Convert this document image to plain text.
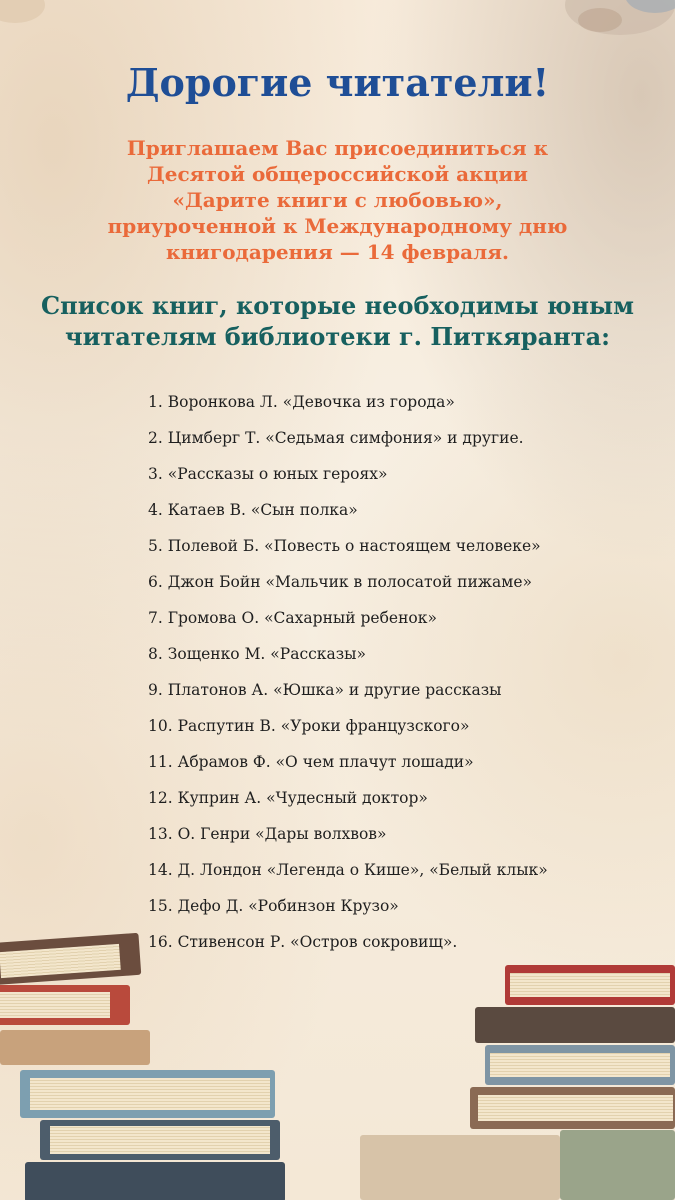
Дорогие читатели!
Приглашаем Вас присоединиться к
Десятой общероссийской акции
«Дарите книги с любовью»,
приуроченной к Международному дню
книгодарения — 14 февраля.
Список книг, которые необходимы юным
читателям библиотеки г. Питкяранта:
1. Воронкова Л. «Девочка из города»
2. Цимберг Т. «Седьмая симфония» и другие.
3. «Рассказы о юных героях»
4. Катаев В. «Сын полка»
5. Полевой Б. «Повесть о настоящем человеке»
6. Джон Бойн «Мальчик в полосатой пижаме»
7. Громова О. «Сахарный ребенок»
8. Зощенко М. «Рассказы»
9. Платонов А. «Юшка» и другие рассказы
10. Распутин В. «Уроки французского»
11. Абрамов Ф. «О чем плачут лошади»
12. Куприн А. «Чудесный доктор»
13. О. Генри «Дары волхвов»
14. Д. Лондон «Легенда о Кише», «Белый клык»
15. Дефо Д. «Робинзон Крузо»
16. Стивенсон Р. «Остров сокровищ».
